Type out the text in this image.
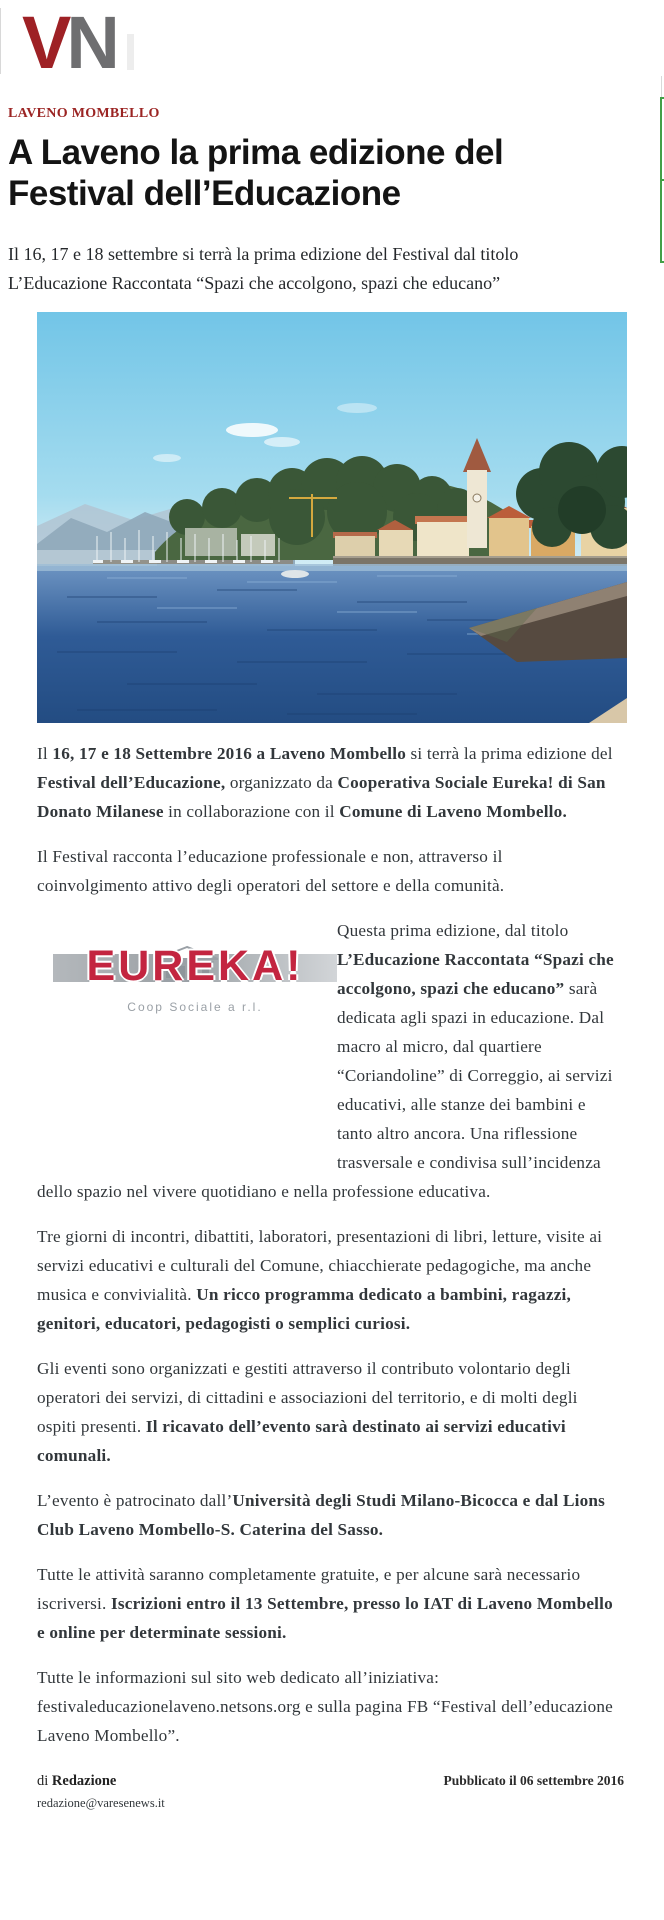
V N
LAVENO MOMBELLO
A Laveno la prima edizione del
Festival dell’Educazione
Il 16, 17 e 18 settembre si terrà la prima edizione del Festival dal titolo
L’Educazione Raccontata “Spazi che accolgono, spazi che educano”

Il 16, 17 e 18 Settembre 2016 a Laveno Mombello si terrà la prima edizione del Festival dell’Educazione, organizzato da Cooperativa Sociale Eureka! di San Donato Milanese in collaborazione con il Comune di Laveno Mombello.

Il Festival racconta l’educazione professionale e non, attraverso il coinvolgimento attivo degli operatori del settore e della comunità.

EUREKA!
Coop Sociale a r.l.
Questa prima edizione, dal titolo L’Educazione Raccontata “Spazi che accolgono, spazi che educano” sarà dedicata agli spazi in educazione. Dal macro al micro, dal quartiere “Coriandoline” di Correggio, ai servizi educativi, alle stanze dei bambini e tanto altro ancora. Una riflessione trasversale e condivisa sull’incidenza dello spazio nel vivere quotidiano e nella professione educativa.

Tre giorni di incontri, dibattiti, laboratori, presentazioni di libri, letture, visite ai servizi educativi e culturali del Comune, chiacchierate pedagogiche, ma anche musica e convivialità. Un ricco programma dedicato a bambini, ragazzi, genitori, educatori, pedagogisti o semplici curiosi.

Gli eventi sono organizzati e gestiti attraverso il contributo volontario degli operatori dei servizi, di cittadini e associazioni del territorio, e di molti degli ospiti presenti. Il ricavato dell’evento sarà destinato ai servizi educativi comunali.

L’evento è patrocinato dall’Università degli Studi Milano-Bicocca e dal Lions Club Laveno Mombello-S. Caterina del Sasso.

Tutte le attività saranno completamente gratuite, e per alcune sarà necessario iscriversi. Iscrizioni entro il 13 Settembre, presso lo IAT di Laveno Mombello e online per determinate sessioni.

Tutte le informazioni sul sito web dedicato all’iniziativa: festivaleducazionelaveno.netsons.org e sulla pagina FB “Festival dell’educazione Laveno Mombello”.

di Redazione
redazione@varesenews.it
Pubblicato il 06 settembre 2016
